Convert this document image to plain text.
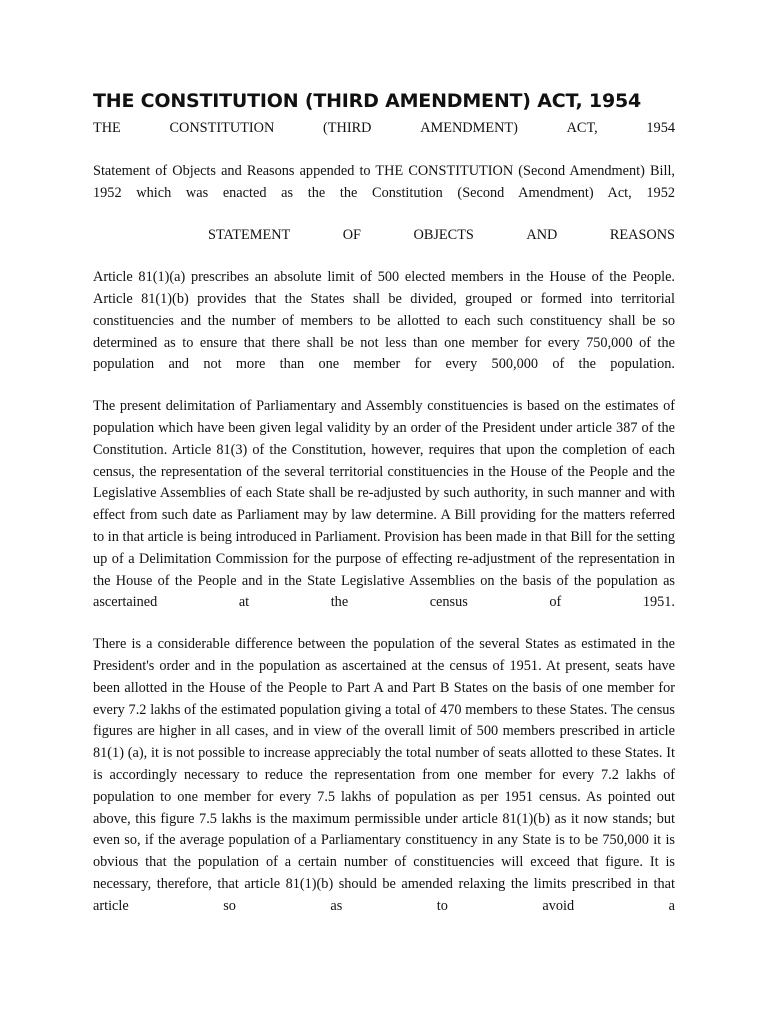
THE CONSTITUTION (THIRD AMENDMENT) ACT, 1954
THE	CONSTITUTION	(THIRD	AMENDMENT)	ACT,	1954

Statement of Objects and Reasons appended to THE CONSTITUTION (Second Amendment) Bill, 1952 which was enacted as the the Constitution (Second Amendment) Act, 1952

STATEMENT	OF	OBJECTS	AND	REASONS

Article 81(1)(a) prescribes an absolute limit of 500 elected members in the House of the People. Article 81(1)(b) provides that the States shall be divided, grouped or formed into territorial constituencies and the number of members to be allotted to each such constituency shall be so determined as to ensure that there shall be not less than one member for every 750,000 of the population and not more than one member for every 500,000 of the population.

The present delimitation of Parliamentary and Assembly constituencies is based on the estimates of population which have been given legal validity by an order of the President under article 387 of the Constitution. Article 81(3) of the Constitution, however, requires that upon the completion of each census, the representation of the several territorial constituencies in the House of the People and the Legislative Assemblies of each State shall be re-adjusted by such authority, in such manner and with effect from such date as Parliament may by law determine. A Bill providing for the matters referred to in that article is being introduced in Parliament. Provision has been made in that Bill for the setting up of a Delimitation Commission for the purpose of effecting re-adjustment of the representation in the House of the People and in the State Legislative Assemblies on the basis of the population as ascertained at the census of 1951.

There is a considerable difference between the population of the several States as estimated in the President's order and in the population as ascertained at the census of 1951. At present, seats have been allotted in the House of the People to Part A and Part B States on the basis of one member for every 7.2 lakhs of the estimated population giving a total of 470 members to these States. The census figures are higher in all cases, and in view of the overall limit of 500 members prescribed in article 81(1) (a), it is not possible to increase appreciably the total number of seats allotted to these States. It is accordingly necessary to reduce the representation from one member for every 7.2 lakhs of population to one member for every 7.5 lakhs of population as per 1951 census. As pointed out above, this figure 7.5 lakhs is the maximum permissible under article 81(1)(b) as it now stands; but even so, if the average population of a Parliamentary constituency in any State is to be 750,000 it is obvious that the population of a certain number of constituencies will exceed that figure. It is necessary, therefore, that article 81(1)(b) should be amended relaxing the limits prescribed in that article so as to avoid a
